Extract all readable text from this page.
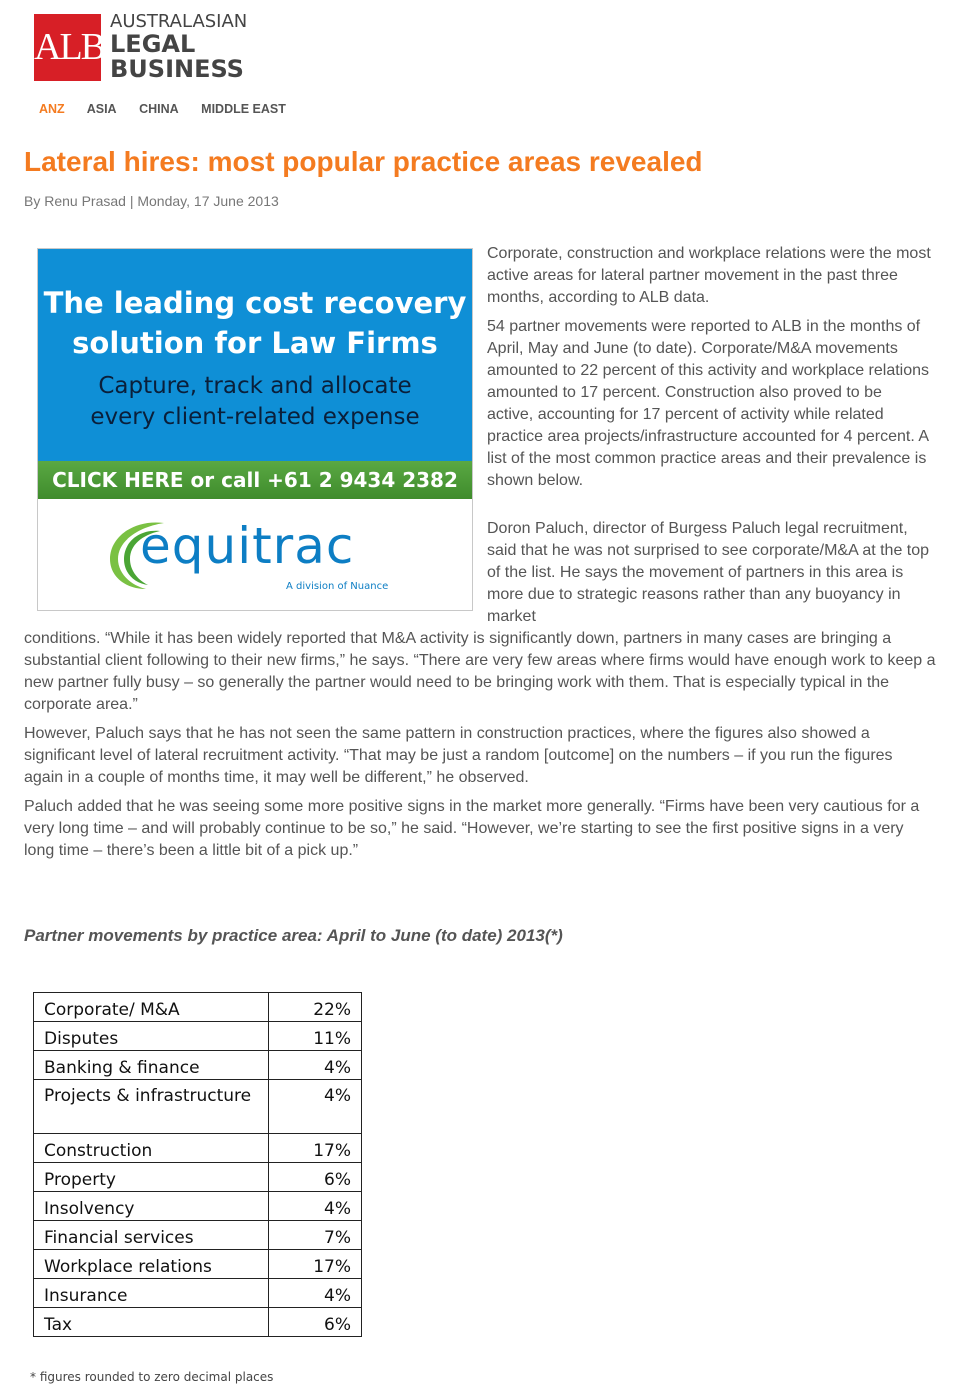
ALB
AUSTRALASIAN
LEGAL
BUSINESS
ANZ ASIA CHINA MIDDLE EAST
Lateral hires: most popular practice areas revealed
By Renu Prasad | Monday, 17 June 2013
The leading cost recovery
solution for Law Firms
Capture, track and allocate
every client-related expense
CLICK HERE or call +61 2 9434 2382
equitrac
A division of Nuance

Corporate, construction and workplace relations were the most active areas for lateral partner movement in the past three months, according to ALB data.

54 partner movements were reported to ALB in the months of April, May and June (to date). Corporate/M&A movements amounted to 22 percent of this activity and workplace relations amounted to 17 percent. Construction also proved to be active, accounting for 17 percent of activity while related practice area projects/infrastructure accounted for 4 percent. A list of the most common practice areas and their prevalence is shown below.

Doron Paluch, director of Burgess Paluch legal recruitment, said that he was not surprised to see corporate/M&A at the top of the list. He says the movement of partners in this area is more due to strategic reasons rather than any buoyancy in market

conditions. “While it has been widely reported that M&A activity is significantly down, partners in many cases are bringing a substantial client following to their new firms,” he says. “There are very few areas where firms would have enough work to keep a new partner fully busy – so generally the partner would need to be bringing work with them. That is especially typical in the corporate area.”

However, Paluch says that he has not seen the same pattern in construction practices, where the figures also showed a significant level of lateral recruitment activity. “That may be just a random [outcome] on the numbers – if you run the figures again in a couple of months time, it may well be different,” he observed.

Paluch added that he was seeing some more positive signs in the market more generally. “Firms have been very cautious for a very long time – and will probably continue to be so,” he said. “However, we’re starting to see the first positive signs in a very long time – there’s been a little bit of a pick up.”

Partner movements by practice area: April to June (to date) 2013(*)
Corporate/ M&A	22%
Disputes	11%
Banking & finance	4%
Projects & infrastructure	4%
Construction	17%
Property	6%
Insolvency	4%
Financial services	7%
Workplace relations	17%
Insurance	4%
Tax	6%
* figures rounded to zero decimal places
